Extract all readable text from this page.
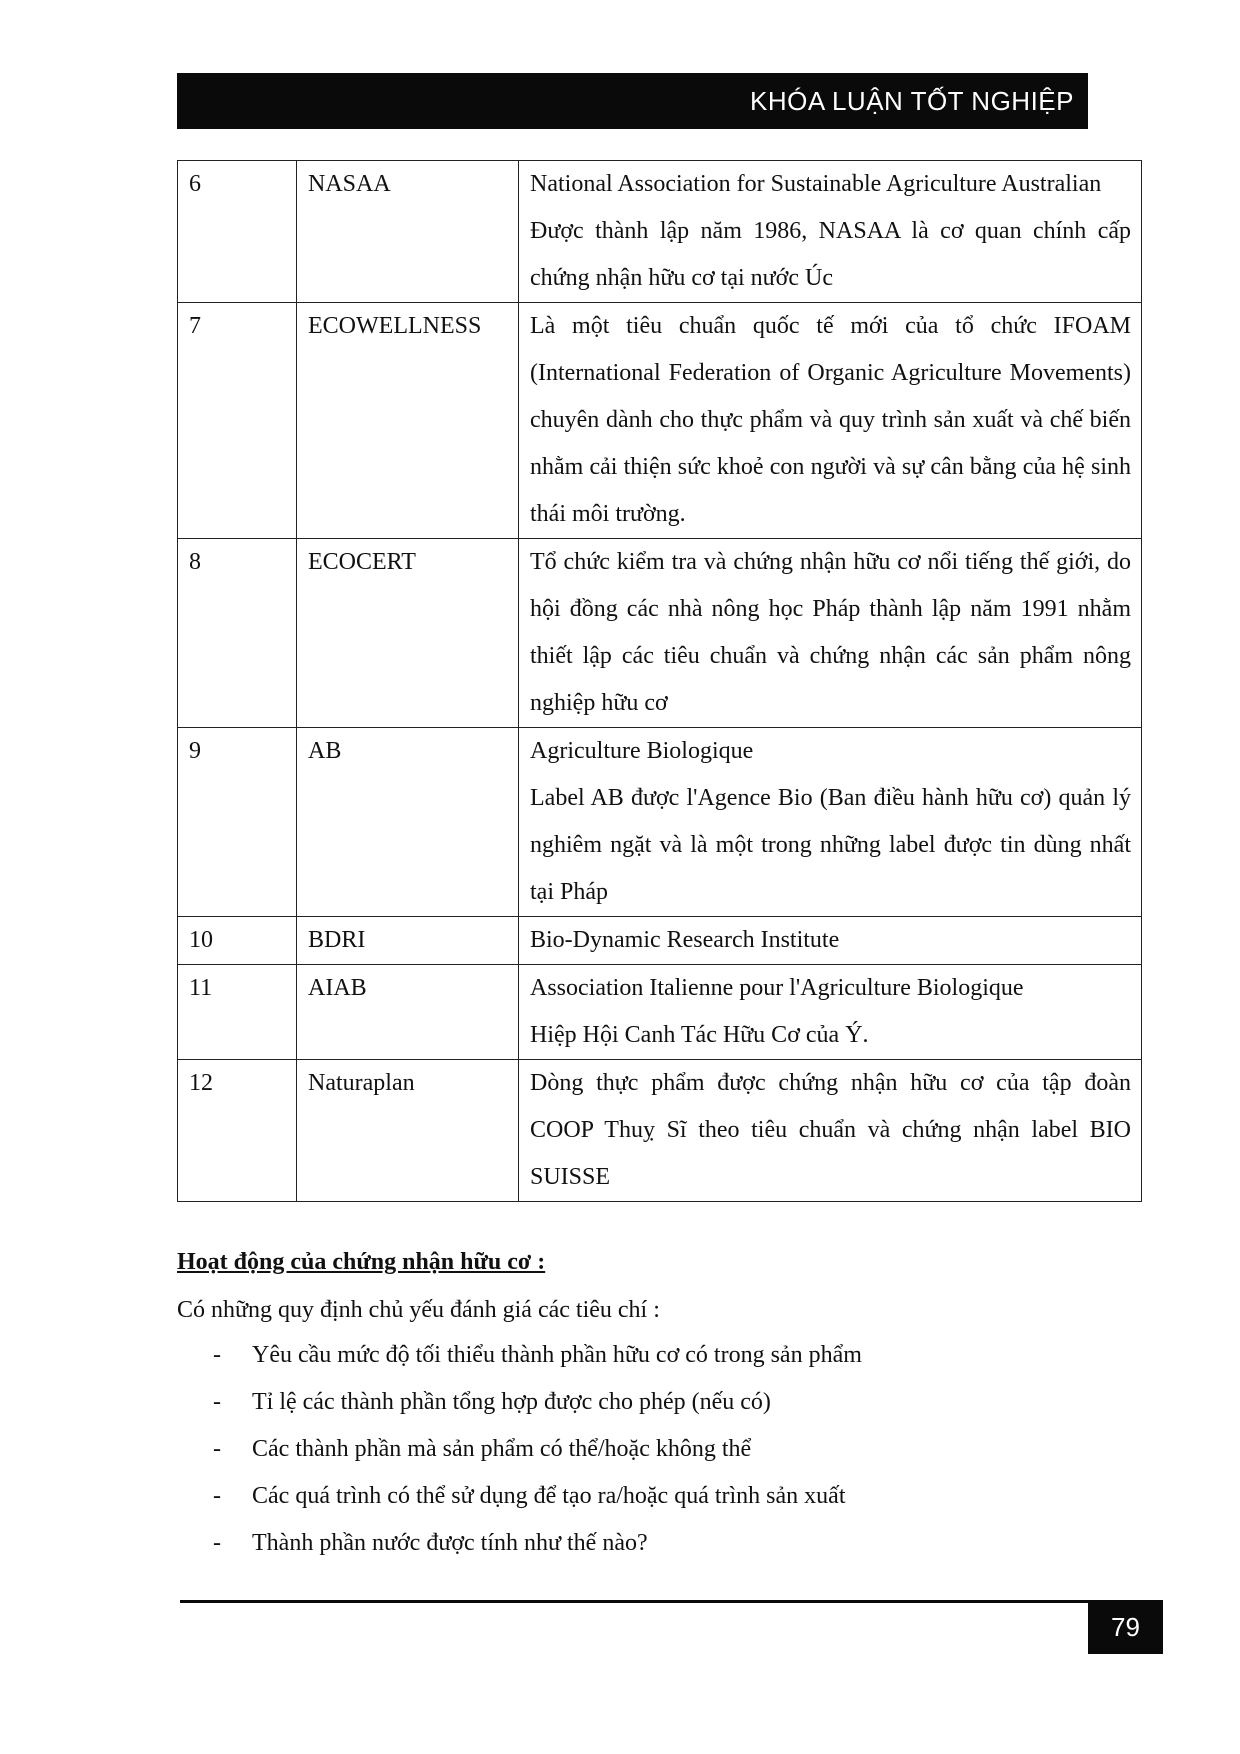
KHÓA LUẬN TỐT NGHIỆP
6	NASAA	National Association for Sustainable Agriculture Australian
Được thành lập năm 1986, NASAA là cơ quan chính cấp chứng nhận hữu cơ tại nước Úc

7	ECOWELLNESS	Là một tiêu chuẩn quốc tế mới của tổ chức IFOAM (International Federation of Organic Agriculture Movements) chuyên dành cho thực phẩm và quy trình sản xuất và chế biến nhằm cải thiện sức khoẻ con người và sự cân bằng của hệ sinh thái môi trường.

8	ECOCERT	Tổ chức kiểm tra và chứng nhận hữu cơ nổi tiếng thế giới, do hội đồng các nhà nông học Pháp thành lập năm 1991 nhằm thiết lập các tiêu chuẩn và chứng nhận các sản phẩm nông nghiệp hữu cơ

9	AB	Agriculture Biologique
Label AB được l'Agence Bio (Ban điều hành hữu cơ) quản lý nghiêm ngặt và là một trong những label được tin dùng nhất tại Pháp

10	BDRI	Bio-Dynamic Research Institute

11	AIAB	Association Italienne pour l'Agriculture Biologique
Hiệp Hội Canh Tác Hữu Cơ của Ý.

12	Naturaplan	Dòng thực phẩm được chứng nhận hữu cơ của tập đoàn COOP Thuỵ Sĩ theo tiêu chuẩn và chứng nhận label BIO SUISSE
Hoạt động của chứng nhận hữu cơ :
Có những quy định chủ yếu đánh giá các tiêu chí :
- Yêu cầu mức độ tối thiểu thành phần hữu cơ có trong sản phẩm
- Tỉ lệ các thành phần tổng hợp được cho phép (nếu có)
- Các thành phần mà sản phẩm có thể/hoặc không thể
- Các quá trình có thể sử dụng để tạo ra/hoặc quá trình sản xuất
- Thành phần nước được tính như thế nào?
79
